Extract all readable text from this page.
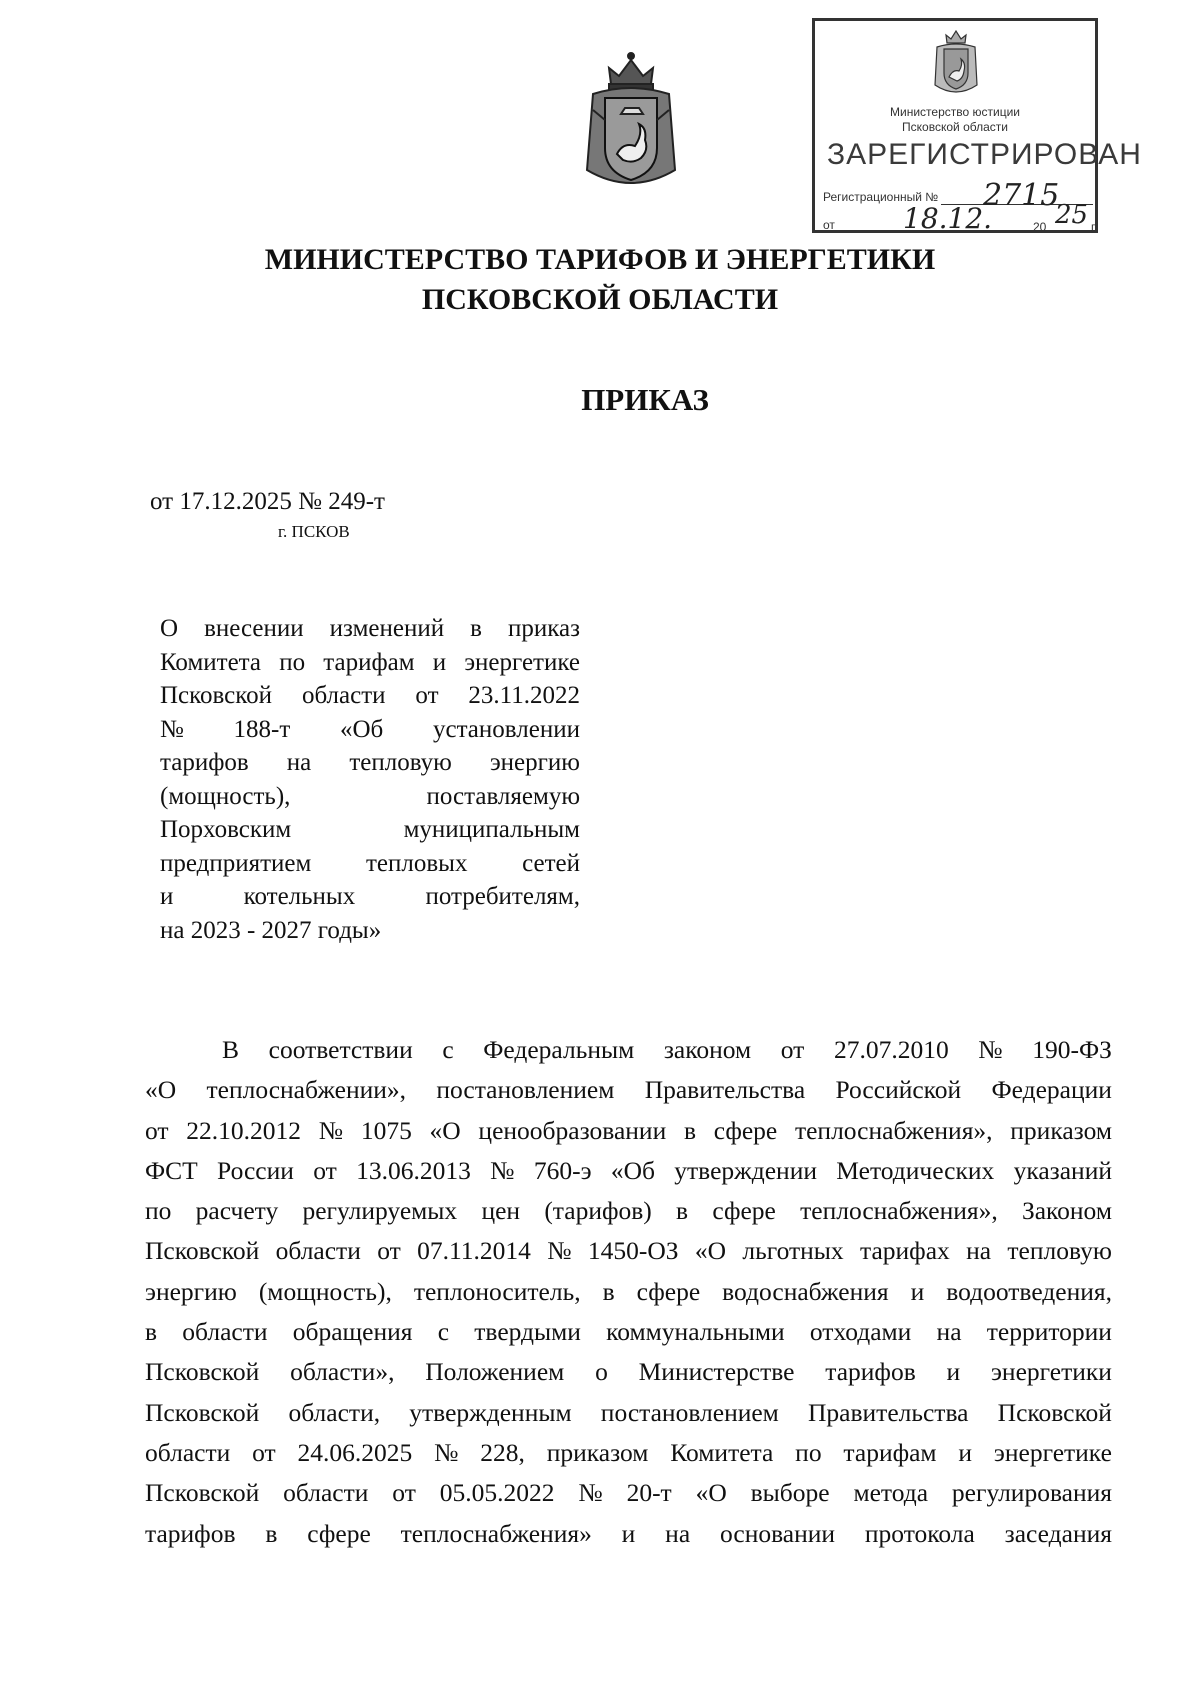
Министерство юстиции
Псковской области
ЗАРЕГИСТРИРОВАН
Регистрационный № 2715
от 18.12.	20 25 г.
МИНИСТЕРСТВО ТАРИФОВ И ЭНЕРГЕТИКИ
ПСКОВСКОЙ ОБЛАСТИ
ПРИКАЗ
от 17.12.2025 № 249-т
г. ПСКОВ
О внесении изменений в приказ
Комитета по тарифам и энергетике
Псковской области от 23.11.2022
№ 188-т «Об установлении
тарифов на тепловую энергию
(мощность),	поставляемую
Порховским	муниципальным
предприятием тепловых сетей
и	котельных	потребителям,
на 2023 - 2027 годы»
В соответствии с Федеральным законом от 27.07.2010 № 190-ФЗ
«О теплоснабжении», постановлением Правительства Российской Федерации
от 22.10.2012 № 1075 «О ценообразовании в сфере теплоснабжения», приказом
ФСТ России от 13.06.2013 № 760-э «Об утверждении Методических указаний
по расчету регулируемых цен (тарифов) в сфере теплоснабжения», Законом
Псковской области от 07.11.2014 № 1450-ОЗ «О льготных тарифах на тепловую
энергию (мощность), теплоноситель, в сфере водоснабжения и водоотведения,
в области обращения с твердыми коммунальными отходами на территории
Псковской области», Положением о Министерстве тарифов и энергетики
Псковской области, утвержденным постановлением Правительства Псковской
области от 24.06.2025 № 228, приказом Комитета по тарифам и энергетике
Псковской области от 05.05.2022 № 20-т «О выборе метода регулирования
тарифов в сфере теплоснабжения» и на основании протокола заседания
